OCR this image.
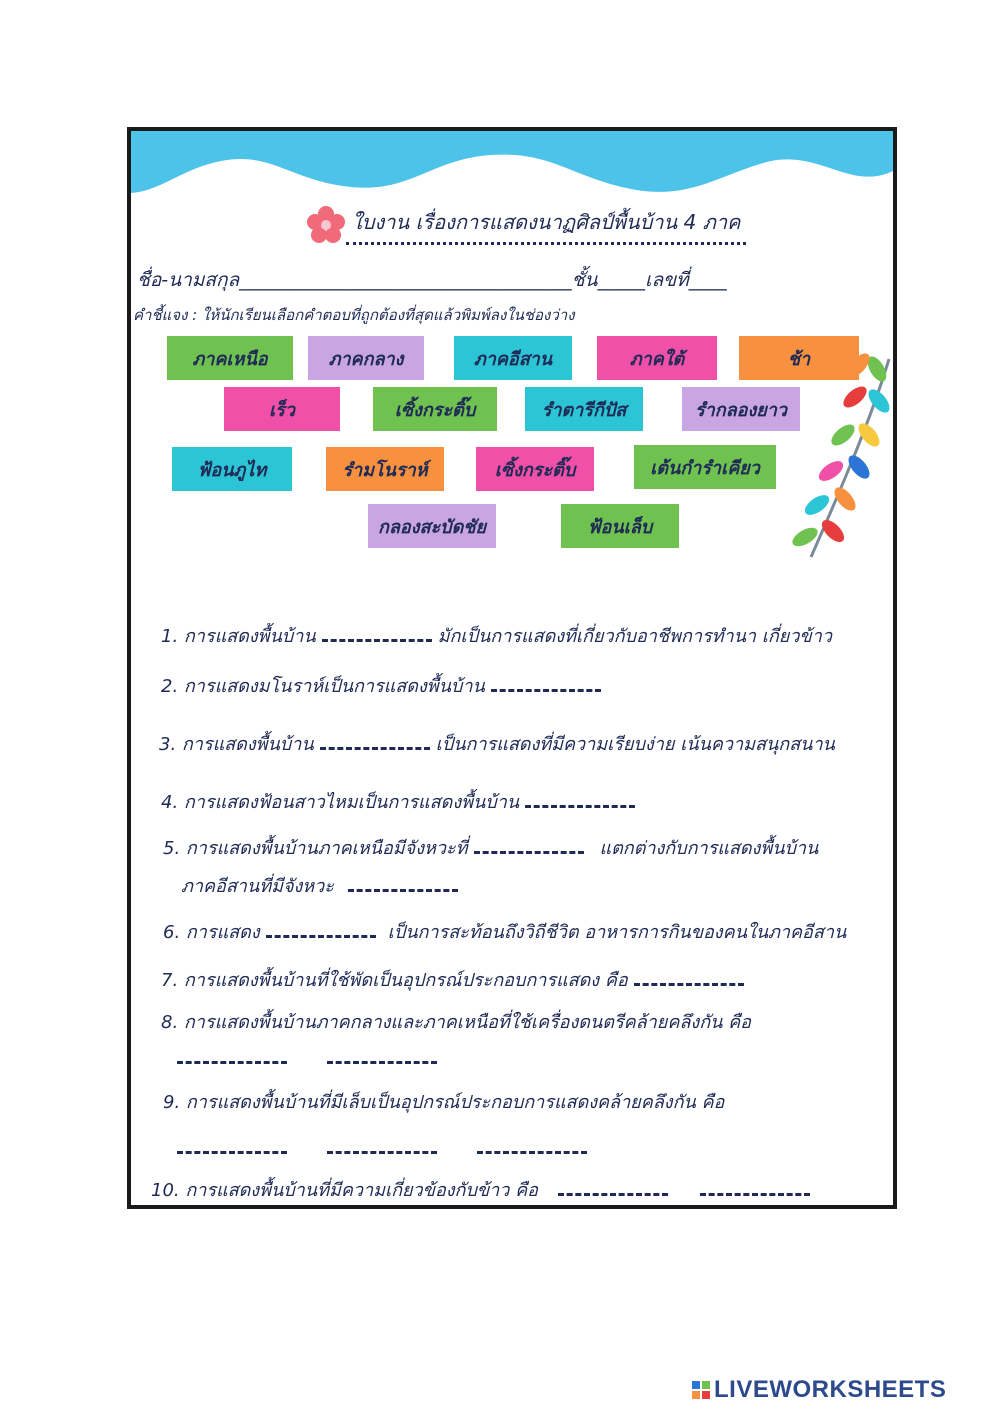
ใบงาน เรื่องการแสดงนาฏศิลป์พื้นบ้าน 4 ภาค
ชื่อ-นามสกุล___________________________________ชั้น_____เลขที่____
คำชี้แจง : ให้นักเรียนเลือกคำตอบที่ถูกต้องที่สุดแล้วพิมพ์ลงในช่องว่าง
ภาคเหนือ	ภาคกลาง	ภาคอีสาน	ภาคใต้	ช้า
เร็ว	เซิ้งกระติ๊บ	รำตารีกีปัส	รำกลองยาว
ฟ้อนภูไท	รำมโนราห์	เซิ้งกระติ๊บ	เต้นกำรำเคียว
กลองสะบัดชัย	ฟ้อนเล็บ
1. การแสดงพื้นบ้าน	มักเป็นการแสดงที่เกี่ยวกับอาชีพการทำนา เกี่ยวข้าว
2. การแสดงมโนราห์เป็นการแสดงพื้นบ้าน
3. การแสดงพื้นบ้าน	เป็นการแสดงที่มีความเรียบง่าย เน้นความสนุกสนาน
4. การแสดงฟ้อนสาวไหมเป็นการแสดงพื้นบ้าน
5. การแสดงพื้นบ้านภาคเหนือมีจังหวะที่	แตกต่างกับการแสดงพื้นบ้าน
ภาคอีสานที่มีจังหวะ
6. การแสดง	เป็นการสะท้อนถึงวิถีชีวิต อาหารการกินของคนในภาคอีสาน
7. การแสดงพื้นบ้านที่ใช้พัดเป็นอุปกรณ์ประกอบการแสดง คือ
8. การแสดงพื้นบ้านภาคกลางและภาคเหนือที่ใช้เครื่องดนตรีคล้ายคลึงกัน คือ
9. การแสดงพื้นบ้านที่มีเล็บเป็นอุปกรณ์ประกอบการแสดงคล้ายคลึงกัน คือ
10. การแสดงพื้นบ้านที่มีความเกี่ยวข้องกับข้าว คือ
LIVEWORKSHEETS
